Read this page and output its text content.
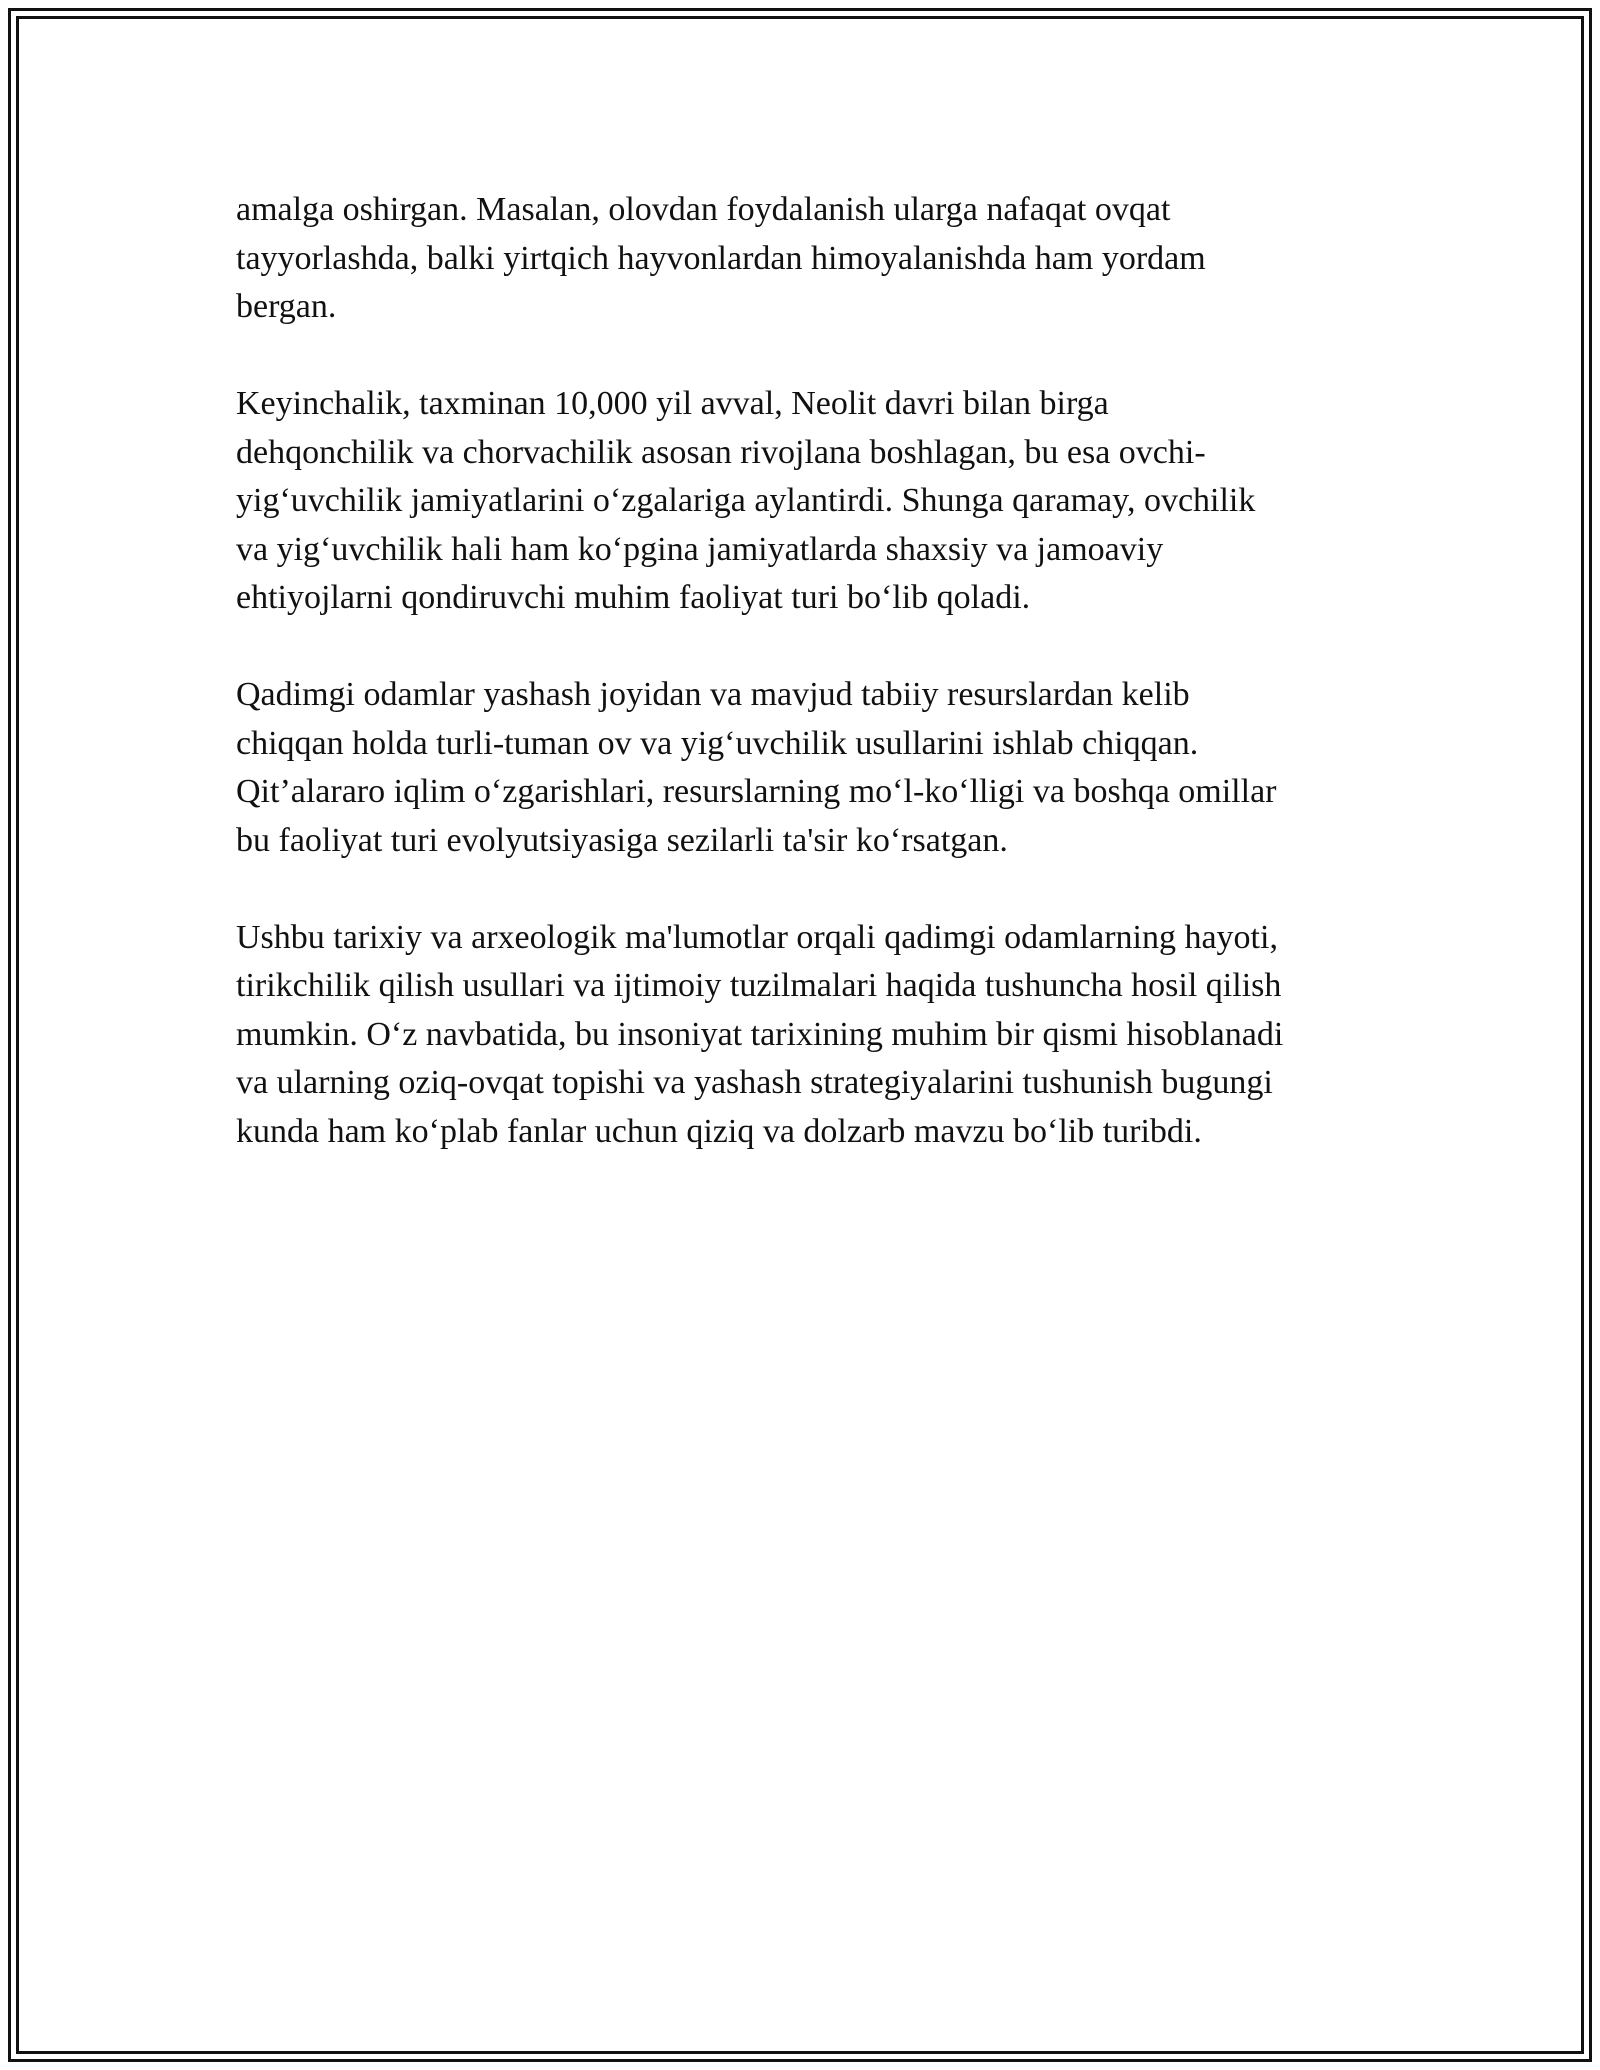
amalga oshirgan. Masalan, olovdan foydalanish ularga nafaqat ovqat
tayyorlashda, balki yirtqich hayvonlardan himoyalanishda ham yordam
bergan.

Keyinchalik, taxminan 10,000 yil avval, Neolit davri bilan birga
dehqonchilik va chorvachilik asosan rivojlana boshlagan, bu esa ovchi-
yig‘uvchilik jamiyatlarini o‘zgalariga aylantirdi. Shunga qaramay, ovchilik
va yig‘uvchilik hali ham ko‘pgina jamiyatlarda shaxsiy va jamoaviy
ehtiyojlarni qondiruvchi muhim faoliyat turi bo‘lib qoladi.

Qadimgi odamlar yashash joyidan va mavjud tabiiy resurslardan kelib
chiqqan holda turli-tuman ov va yig‘uvchilik usullarini ishlab chiqqan.
Qit’alararo iqlim o‘zgarishlari, resurslarning mo‘l-ko‘lligi va boshqa omillar
bu faoliyat turi evolyutsiyasiga sezilarli ta'sir ko‘rsatgan.

Ushbu tarixiy va arxeologik ma'lumotlar orqali qadimgi odamlarning hayoti,
tirikchilik qilish usullari va ijtimoiy tuzilmalari haqida tushuncha hosil qilish
mumkin. O‘z navbatida, bu insoniyat tarixining muhim bir qismi hisoblanadi
va ularning oziq-ovqat topishi va yashash strategiyalarini tushunish bugungi
kunda ham ko‘plab fanlar uchun qiziq va dolzarb mavzu bo‘lib turibdi.
